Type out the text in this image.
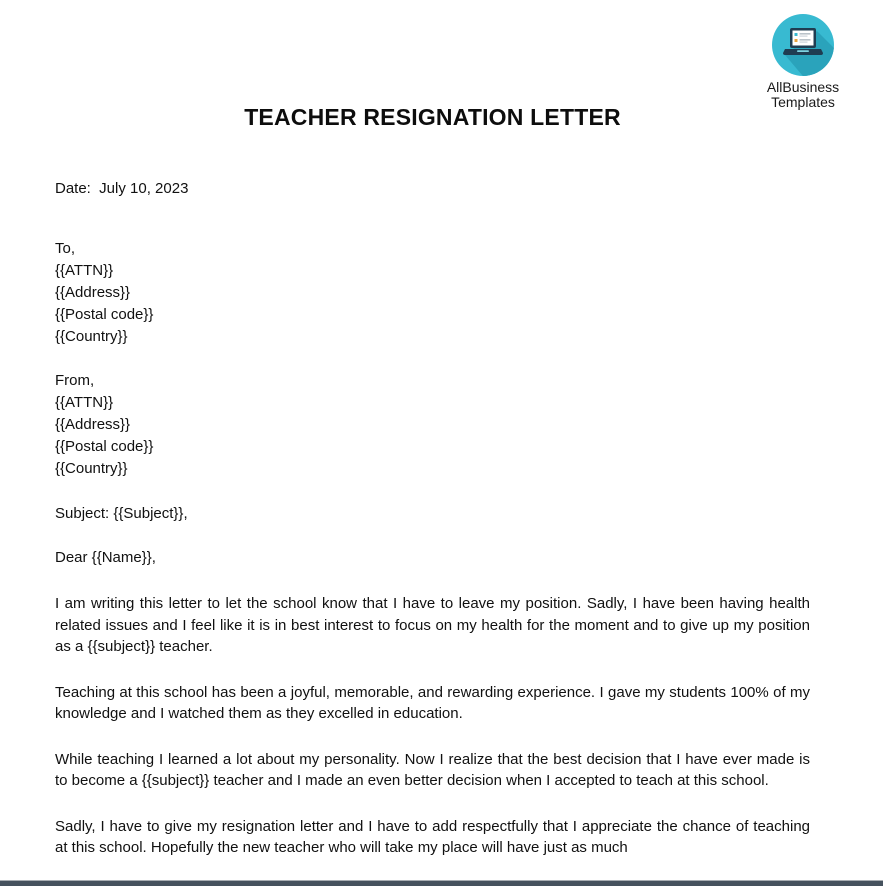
AllBusiness
Templates
TEACHER RESIGNATION LETTER
Date:  July 10, 2023
To,
{{ATTN}}
{{Address}}
{{Postal code}}
{{Country}}
From,
{{ATTN}}
{{Address}}
{{Postal code}}
{{Country}}
Subject: {{Subject}},
Dear {{Name}},

I am writing this letter to let the school know that I have to leave my position. Sadly, I have been having health related issues and I feel like it is in best interest to focus on my health for the moment and to give up my position as a {{subject}} teacher.

Teaching at this school has been a joyful, memorable, and rewarding experience. I gave my students 100% of my knowledge and I watched them as they excelled in education.

While teaching I learned a lot about my personality. Now I realize that the best decision that I have ever made is to become a {{subject}} teacher and I made an even better decision when I accepted to teach at this school.

Sadly, I have to give my resignation letter and I have to add respectfully that I appreciate the chance of teaching at this school. Hopefully the new teacher who will take my place will have just as much
